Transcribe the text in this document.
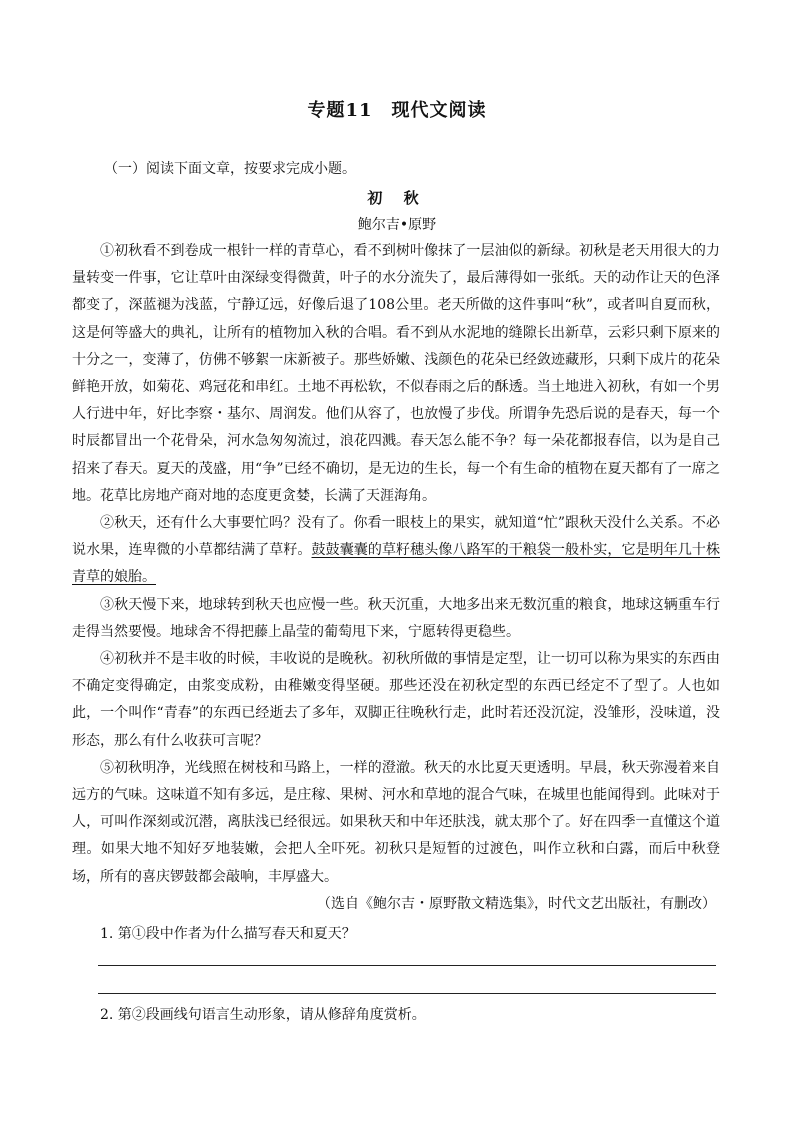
专题11　现代文阅读
（一）阅读下面文章，按要求完成小题。
初 秋
鲍尔吉•原野

①初秋看不到卷成一根针一样的青草心，看不到树叶像抹了一层油似的新绿。初秋是老天用很大的力量转变一件事，它让草叶由深绿变得微黄，叶子的水分流失了，最后薄得如一张纸。天的动作让天的色泽都变了，深蓝褪为浅蓝，宁静辽远，好像后退了108公里。老天所做的这件事叫“秋”，或者叫自夏而秋，这是何等盛大的典礼，让所有的植物加入秋的合唱。看不到从水泥地的缝隙长出新草，云彩只剩下原来的十分之一，变薄了，仿佛不够絮一床新被子。那些娇嫩、浅颜色的花朵已经敛迹藏形，只剩下成片的花朵鲜艳开放，如菊花、鸡冠花和串红。土地不再松软，不似春雨之后的酥透。当土地进入初秋，有如一个男人行进中年，好比李察・基尔、周润发。他们从容了，也放慢了步伐。所谓争先恐后说的是春天，每一个时辰都冒出一个花骨朵，河水急匆匆流过，浪花四溅。春天怎么能不争？每一朵花都报春信，以为是自己招来了春天。夏天的茂盛，用“争”已经不确切，是无边的生长，每一个有生命的植物在夏天都有了一席之地。花草比房地产商对地的态度更贪婪，长满了天涯海角。

②秋天，还有什么大事要忙吗？没有了。你看一眼枝上的果实，就知道“忙”跟秋天没什么关系。不必说水果，连卑微的小草都结满了草籽。鼓鼓囊囊的草籽穗头像八路军的干粮袋一般朴实，它是明年几十株青草的娘胎。

③秋天慢下来，地球转到秋天也应慢一些。秋天沉重，大地多出来无数沉重的粮食，地球这辆重车行走得当然要慢。地球舍不得把藤上晶莹的葡萄甩下来，宁愿转得更稳些。

④初秋并不是丰收的时候，丰收说的是晚秋。初秋所做的事情是定型，让一切可以称为果实的东西由不确定变得确定，由浆变成粉，由稚嫩变得坚硬。那些还没在初秋定型的东西已经定不了型了。人也如此，一个叫作“青春”的东西已经逝去了多年，双脚正往晚秋行走，此时若还没沉淀，没雏形，没味道，没形态，那么有什么收获可言呢？

⑤初秋明净，光线照在树枝和马路上，一样的澄澈。秋天的水比夏天更透明。早晨，秋天弥漫着来自远方的气味。这味道不知有多远，是庄稼、果树、河水和草地的混合气味，在城里也能闻得到。此味对于人，可叫作深刻或沉潜，离肤浅已经很远。如果秋天和中年还肤浅，就太那个了。好在四季一直懂这个道理。如果大地不知好歹地装嫩，会把人全吓死。初秋只是短暂的过渡色，叫作立秋和白露，而后中秋登场，所有的喜庆锣鼓都会敲响，丰厚盛大。

（选自《鲍尔吉・原野散文精选集》，时代文艺出版社，有删改）
1. 第①段中作者为什么描写春天和夏天？
2. 第②段画线句语言生动形象，请从修辞角度赏析。
